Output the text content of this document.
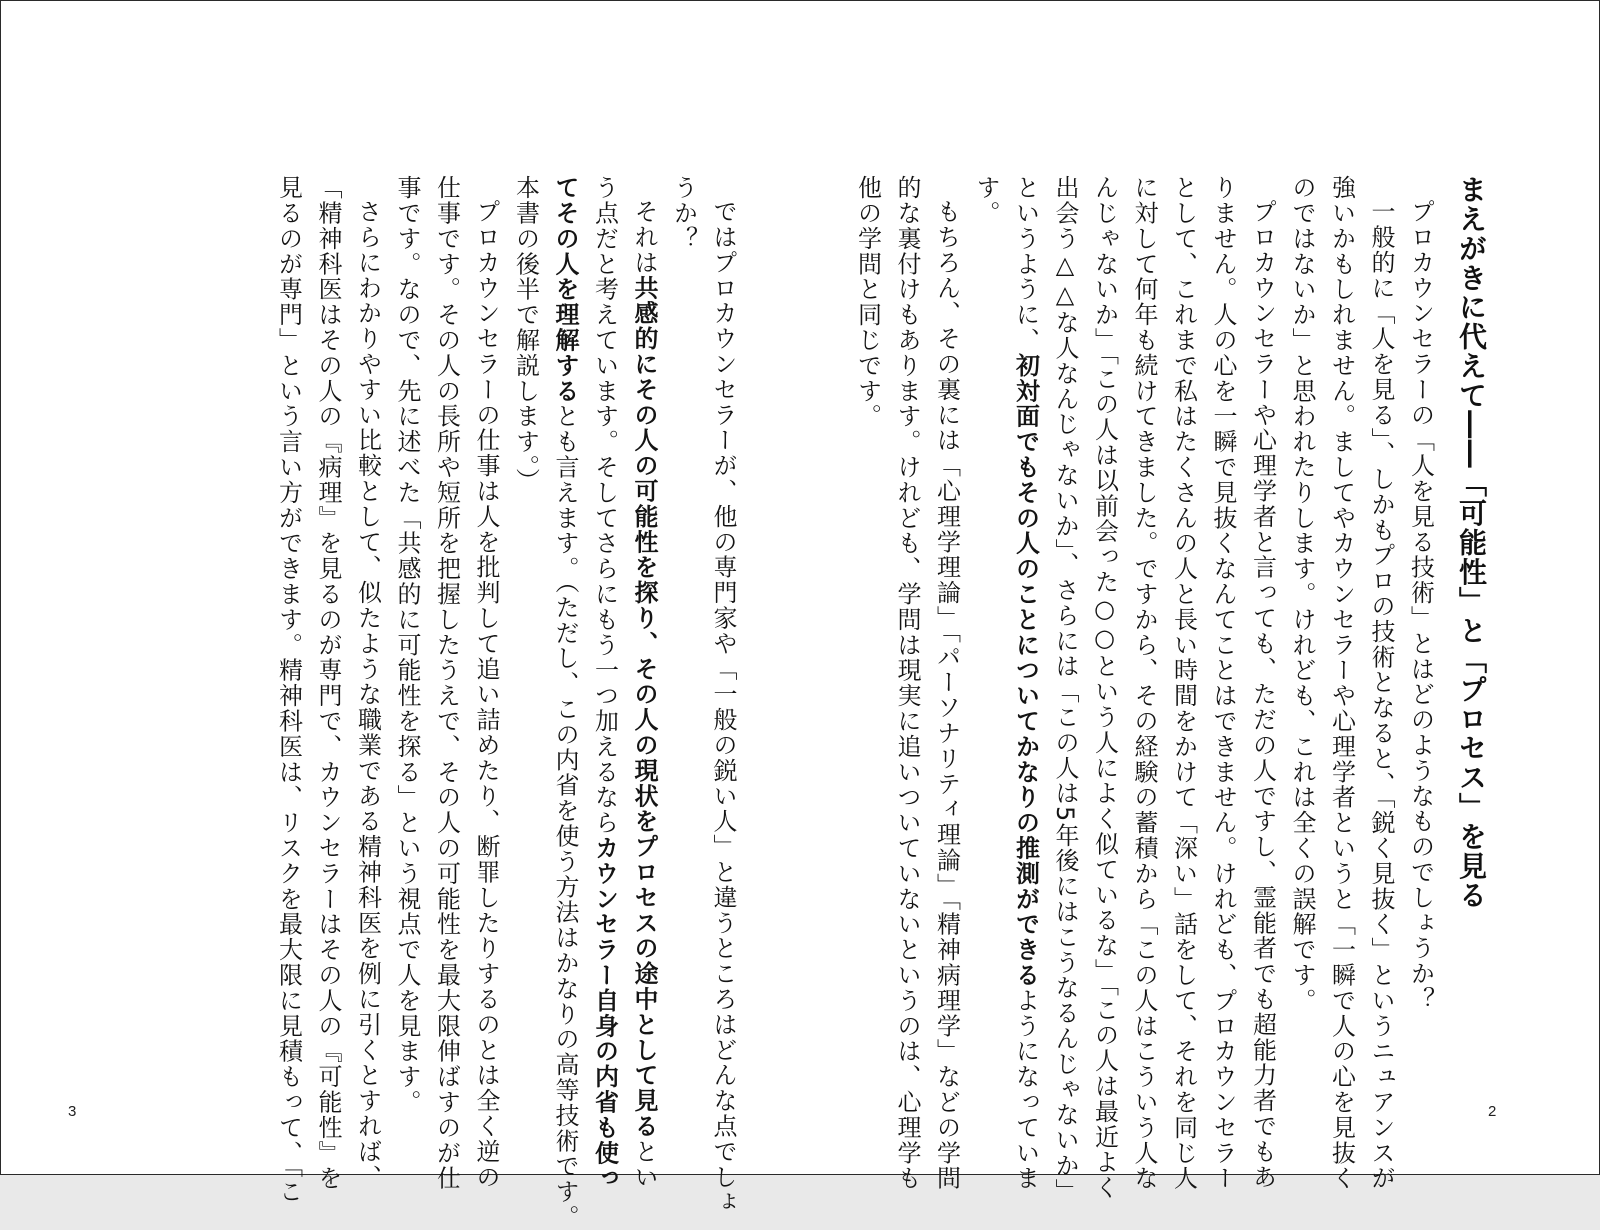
まえがきに代えて――「可能性」と「プロセス」を見る
プロカウンセラーの「人を見る技術」とはどのようなものでしょうか？
一般的に「人を見る」、しかもプロの技術となると、「鋭く見抜く」というニュアンスが
強いかもしれません。ましてやカウンセラーや心理学者というと「一瞬で人の心を見抜く
のではないか」と思われたりします。けれども、これは全くの誤解です。
プロカウンセラーや心理学者と言っても、ただの人ですし、霊能者でも超能力者でもあ
りません。人の心を一瞬で見抜くなんてことはできません。けれども、プロカウンセラー
として、これまで私はたくさんの人と長い時間をかけて「深い」話をして、それを同じ人
に対して何年も続けてきました。ですから、その経験の蓄積から「この人はこういう人な
んじゃないか」「この人は以前会った○○という人によく似ているな」「この人は最近よく
出会う△△な人なんじゃないか」、さらには「この人は5年後にはこうなるんじゃないか」
というように、初対面でもその人のことについてかなりの推測ができるようになっていま
す。
もちろん、その裏には「心理学理論」「パーソナリティ理論」「精神病理学」などの学問
的な裏付けもあります。けれども、学問は現実に追いついていないというのは、心理学も
他の学問と同じです。
2
ではプロカウンセラーが、他の専門家や「一般の鋭い人」と違うところはどんな点でしょ
うか？
それは共感的にその人の可能性を探り、その人の現状をプロセスの途中として見るとい
う点だと考えています。そしてさらにもう一つ加えるならカウンセラー自身の内省も使っ
てその人を理解するとも言えます。（ただし、この内省を使う方法はかなりの高等技術です。
本書の後半で解説します。）
プロカウンセラーの仕事は人を批判して追い詰めたり、断罪したりするのとは全く逆の
仕事です。その人の長所や短所を把握したうえで、その人の可能性を最大限伸ばすのが仕
事です。なので、先に述べた「共感的に可能性を探る」という視点で人を見ます。
さらにわかりやすい比較として、似たような職業である精神科医を例に引くとすれば、
「精神科医はその人の『病理』を見るのが専門で、カウンセラーはその人の『可能性』を
見るのが専門」という言い方ができます。精神科医は、リスクを最大限に見積もって、「こ
3
